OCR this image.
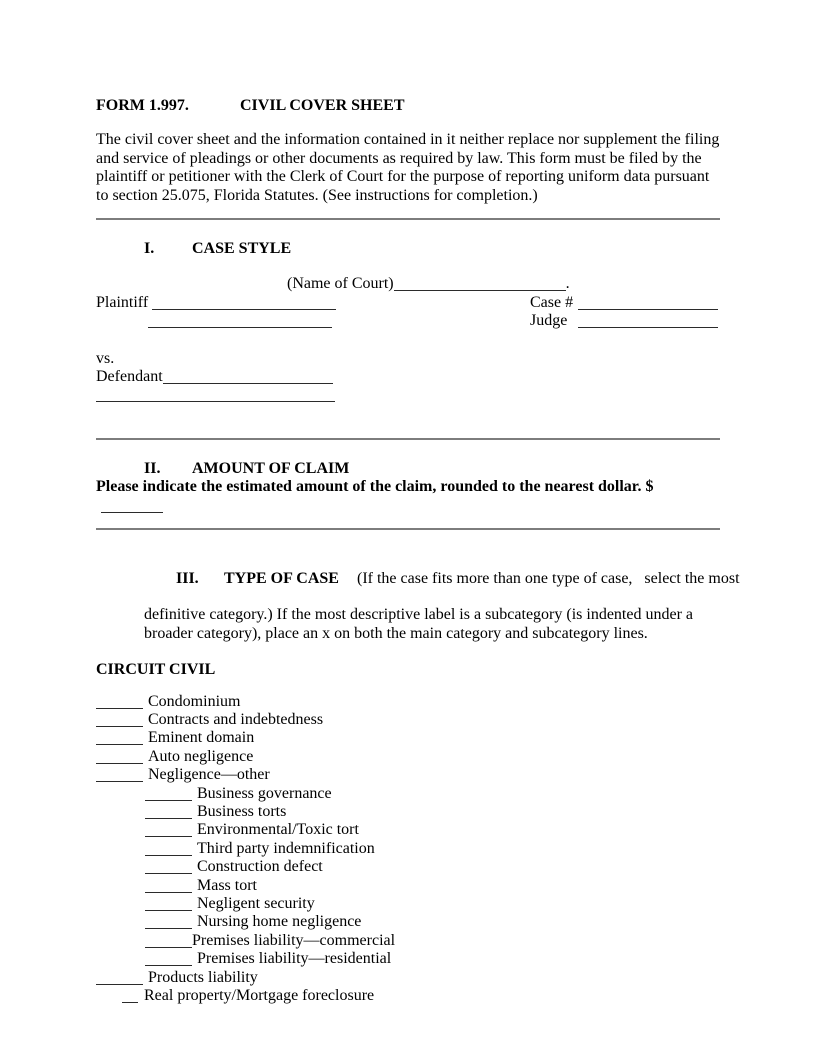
FORM 1.997.	CIVIL COVER SHEET
The civil cover sheet and the information contained in it neither replace nor supplement the filing and service of pleadings or other documents as required by law. This form must be filed by the plaintiff or petitioner with the Clerk of Court for the purpose of reporting uniform data pursuant to section 25.075, Florida Statutes. (See instructions for completion.)
I. CASE STYLE
(Name of Court)	.
Plaintiff	Case #
Judge
vs.
Defendant
II. AMOUNT OF CLAIM
Please indicate the estimated amount of the claim, rounded to the nearest dollar. $

III. TYPE OF CASE (If the case fits more than one type of case,   select the most

definitive category.) If the most descriptive label is a subcategory (is indented under a
broader category), place an x on both the main category and subcategory lines.
CIRCUIT CIVIL
Condominium
Contracts and indebtedness
Eminent domain
Auto negligence
Negligence—other
Business governance
Business torts
Environmental/Toxic tort
Third party indemnification
Construction defect
Mass tort
Negligent security
Nursing home negligence
Premises liability—commercial
Premises liability—residential
Products liability
Real property/Mortgage foreclosure
